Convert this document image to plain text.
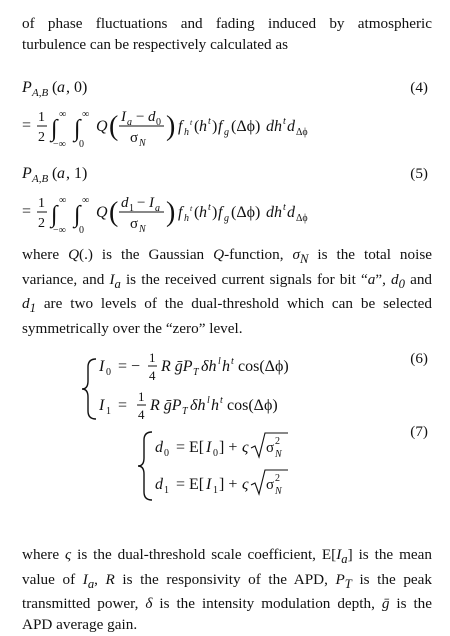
of phase fluctuations and fading induced by atmospheric turbulence can be respectively calculated as

P A,B ( a , 0)
= 1
2 ∫
∞
−∞
∫
∞
0
Q ( I a − d 0
σ N
) f h
t ( h t ) f g (Δϕ) dh t d Δϕ
(4)
P A,B ( a , 1)
= 1
2 ∫
∞
−∞
∫
∞
0
Q ( d 1 − I a
σ N
) f h
t ( h t ) f g (Δϕ) dh t d Δϕ
(5)
I 0 = −
1
4
R ḡP T δh l h t cos(Δϕ)
I 1 =
1
4
R ḡP T δh l h t cos(Δϕ)
(6)
d 0 = E[ I 0 ] + ς σ 2
N
d 1 = E[ I 1 ] + ς σ 2
N
(7)

where Q(.) is the Gaussian Q-function, $\sigma_N$ is the total noise variance, and $I_a$ is the received current signals for bit “a”, $d_0$ and $d_1$ are two levels of the dual-threshold which can be selected symmetrically over the “zero” level.

where ς is the dual-threshold scale coefficient, $E[I_a]$ is the mean value of $I_a$, R is the responsivity of the APD, $P_T$ is the peak transmitted power, δ is the intensity modulation depth, ḡ is the APD average gain.
